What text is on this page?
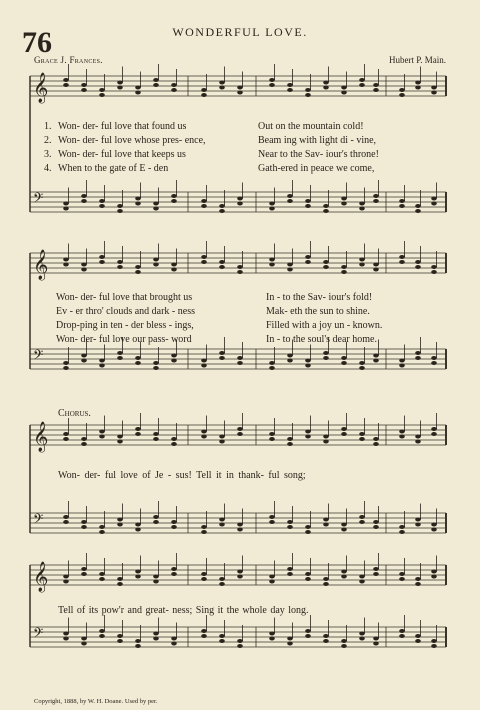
76	WONDERFUL LOVE.
Grace J. Frances.	Hubert P. Main.
𝄞
𝄢
𝄞
𝄢
𝄞
𝄢
𝄞
𝄢
1. Won- der- ful love that found us	Out on the mountain cold!
2. Won- der- ful love whose pres- ence,	Beam ing with light di - vine,
3. Won- der- ful love that keeps us	Near to the Sav- iour's throne!
4. When to the gate of E - den	Gath-ered in peace we come,
Won- der- ful love that brought us	In - to the Sav- iour's fold!
Ev - er thro' clouds and dark - ness	Mak- eth the sun to shine.
Drop-ping in ten - der bless - ings,	Filled with a joy un - known.
Won- der- ful love our pass- word	In - to the soul's dear home.
Chorus.
Won- der- ful love of Je - sus! Tell it in thank- ful song;
Tell of its pow'r and great- ness; Sing it the whole day long.
Copyright, 1888, by W. H. Doane. Used by per.
